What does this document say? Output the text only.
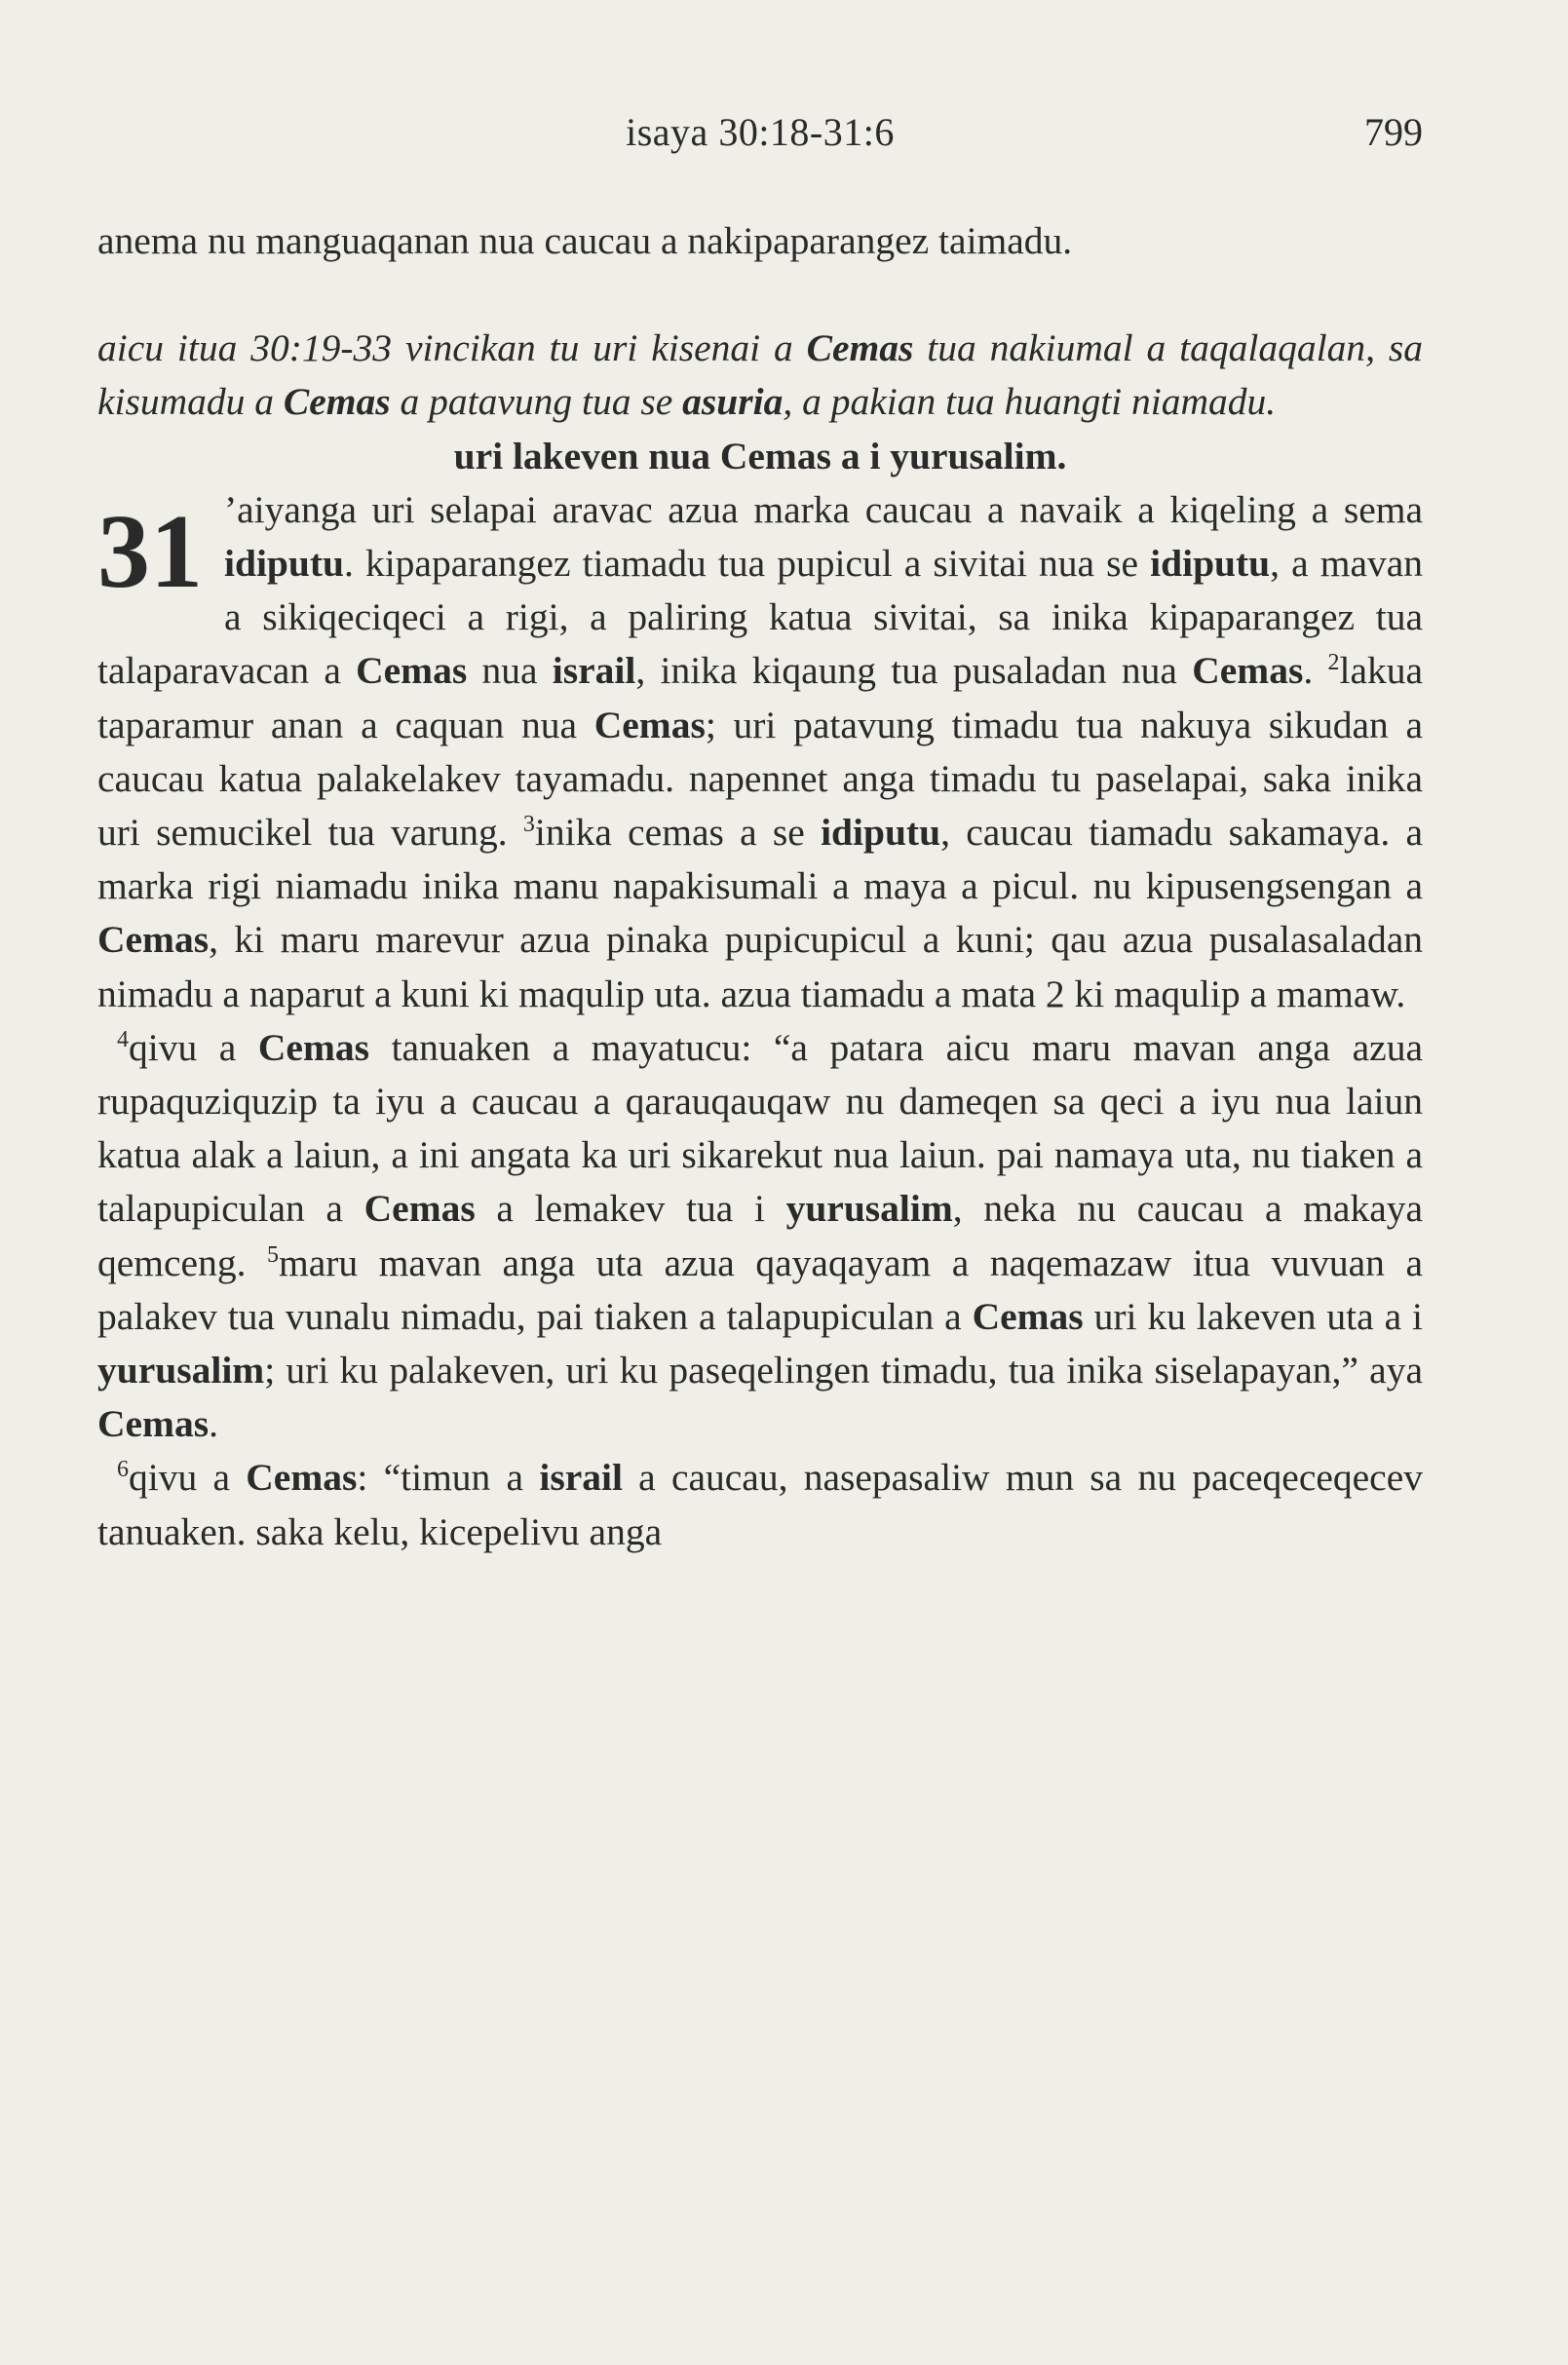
isaya 30:18-31:6	799

anema nu manguaqanan nua caucau a nakipaparangez taimadu.

aicu itua 30:19-33 vincikan tu uri kisenai a Cemas tua nakiumal a taqalaqalan, sa kisumadu a Cemas a patavung tua se asuria, a pakian tua huangti niamadu.

uri lakeven nua Cemas a i yurusalim.

31 ’aiyanga uri selapai aravac azua marka caucau a navaik a kiqeling a sema idiputu. kipaparangez tiamadu tua pupicul a sivitai nua se idiputu, a mavan a sikiqeciqeci a rigi, a paliring katua sivitai, sa inika kipaparangez tua talaparavacan a Cemas nua israil, inika kiqaung tua pusaladan nua Cemas. $^2$lakua taparamur anan a caquan nua Cemas; uri patavung timadu tua nakuya sikudan a caucau katua palakelakev tayamadu. napennet anga timadu tu paselapai, saka inika uri semucikel tua varung. $^3$inika cemas a se idiputu, caucau tiamadu sakamaya. a marka rigi niamadu inika manu napakisumali a maya a picul. nu kipusengsengan a Cemas, ki maru marevur azua pinaka pupicupicul a kuni; qau azua pusalasaladan nimadu a naparut a kuni ki maqulip uta. azua tiamadu a mata 2 ki maqulip a mamaw.

$^4$qivu a Cemas tanuaken a mayatucu: “a patara aicu maru mavan anga azua rupaquziquzip ta iyu a caucau a qarauqauqaw nu dameqen sa qeci a iyu nua laiun katua alak a laiun, a ini angata ka uri sikarekut nua laiun. pai namaya uta, nu tiaken a talapupiculan a Cemas a lemakev tua i yurusalim, neka nu caucau a makaya qemceng. $^5$maru mavan anga uta azua qayaqayam a naqemazaw itua vuvuan a palakev tua vunalu nimadu, pai tiaken a talapupiculan a Cemas uri ku lakeven uta a i yurusalim; uri ku palakeven, uri ku paseqelingen timadu, tua inika siselapayan,” aya Cemas.

$^6$qivu a Cemas: “timun a israil a caucau, nasepasaliw mun sa nu paceqeceqecev tanuaken. saka kelu, kicepelivu anga
